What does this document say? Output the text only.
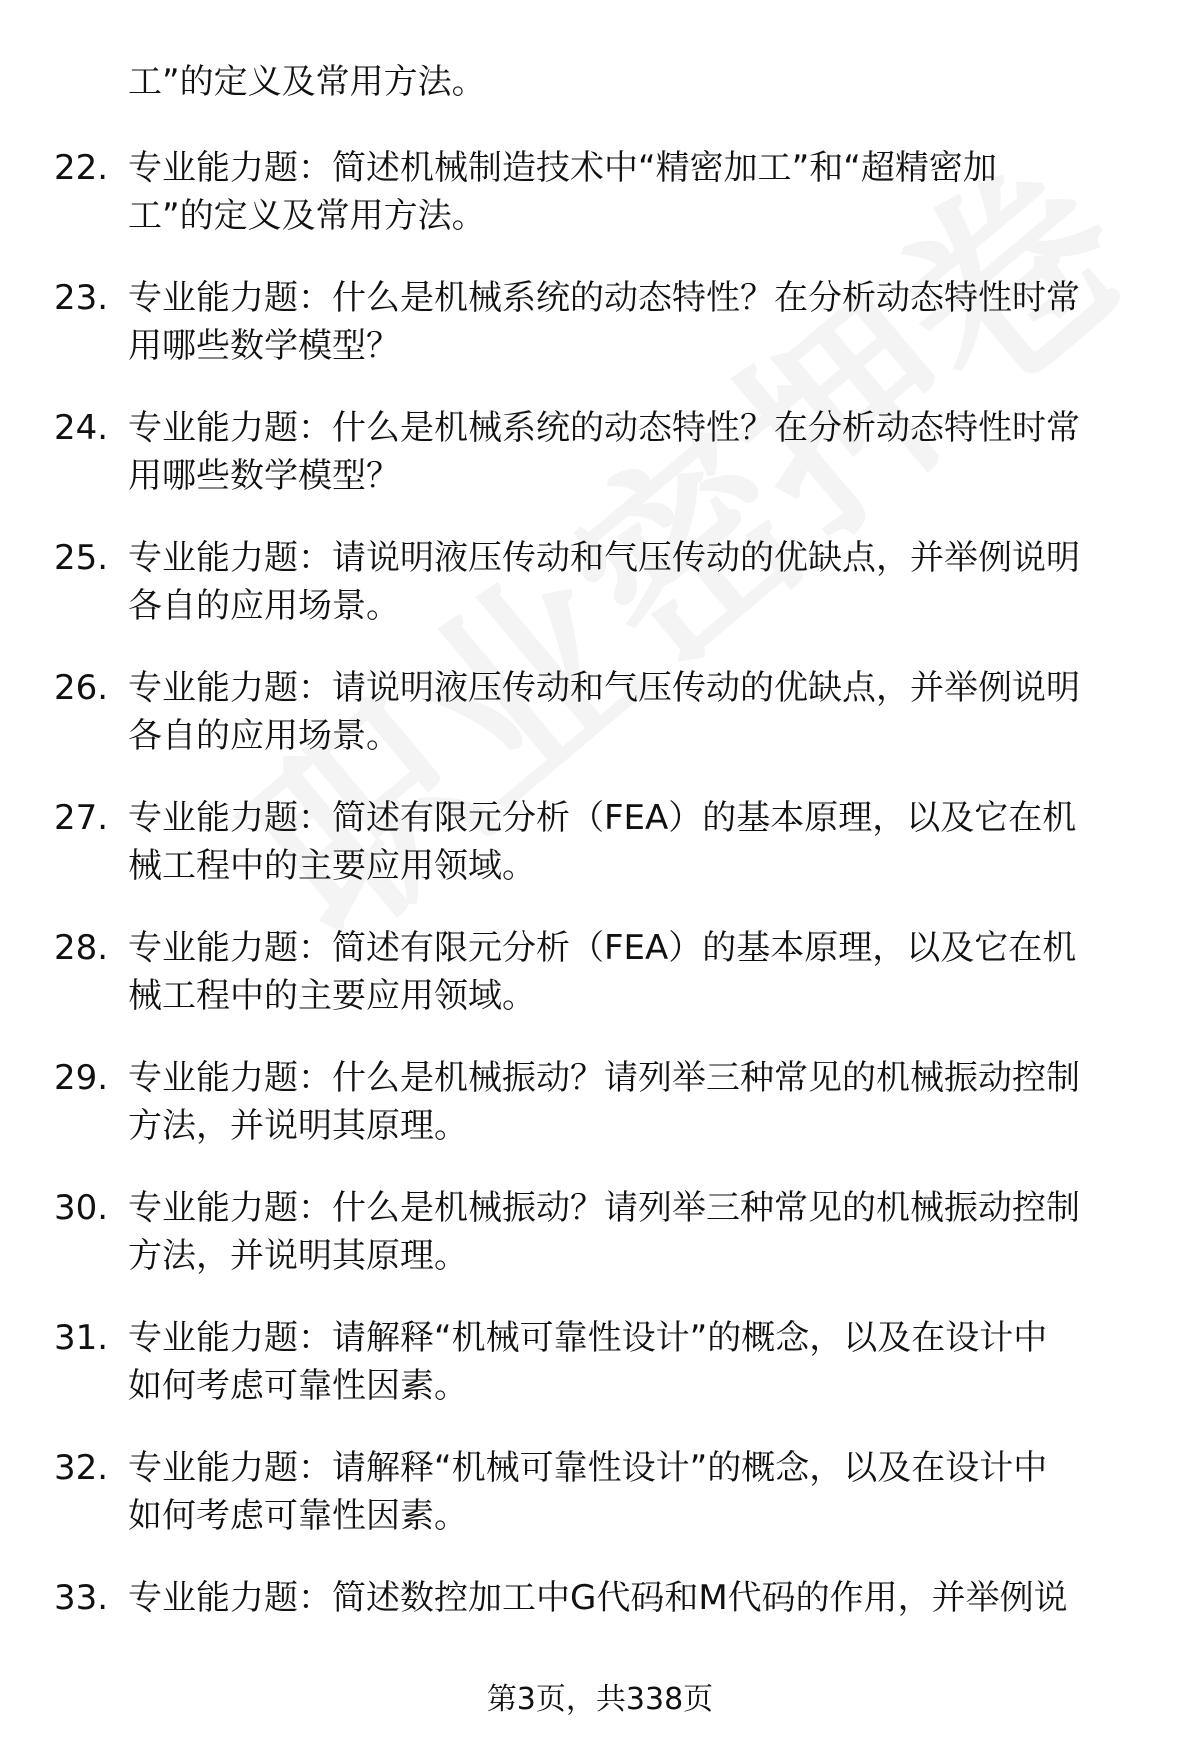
工”的定义及常用方法。
22. 专业能力题：简述机械制造技术中“精密加工”和“超精密加
工”的定义及常用方法。
23. 专业能力题：什么是机械系统的动态特性？在分析动态特性时常
用哪些数学模型？
24. 专业能力题：什么是机械系统的动态特性？在分析动态特性时常
用哪些数学模型？
25. 专业能力题：请说明液压传动和气压传动的优缺点，并举例说明
各自的应用场景。
26. 专业能力题：请说明液压传动和气压传动的优缺点，并举例说明
各自的应用场景。
27. 专业能力题：简述有限元分析（FEA）的基本原理，以及它在机
械工程中的主要应用领域。
28. 专业能力题：简述有限元分析（FEA）的基本原理，以及它在机
械工程中的主要应用领域。
29. 专业能力题：什么是机械振动？请列举三种常见的机械振动控制
方法，并说明其原理。
30. 专业能力题：什么是机械振动？请列举三种常见的机械振动控制
方法，并说明其原理。
31. 专业能力题：请解释“机械可靠性设计”的概念，以及在设计中
如何考虑可靠性因素。
32. 专业能力题：请解释“机械可靠性设计”的概念，以及在设计中
如何考虑可靠性因素。
33. 专业能力题：简述数控加工中G代码和M代码的作用，并举例说
第3页，共338页
